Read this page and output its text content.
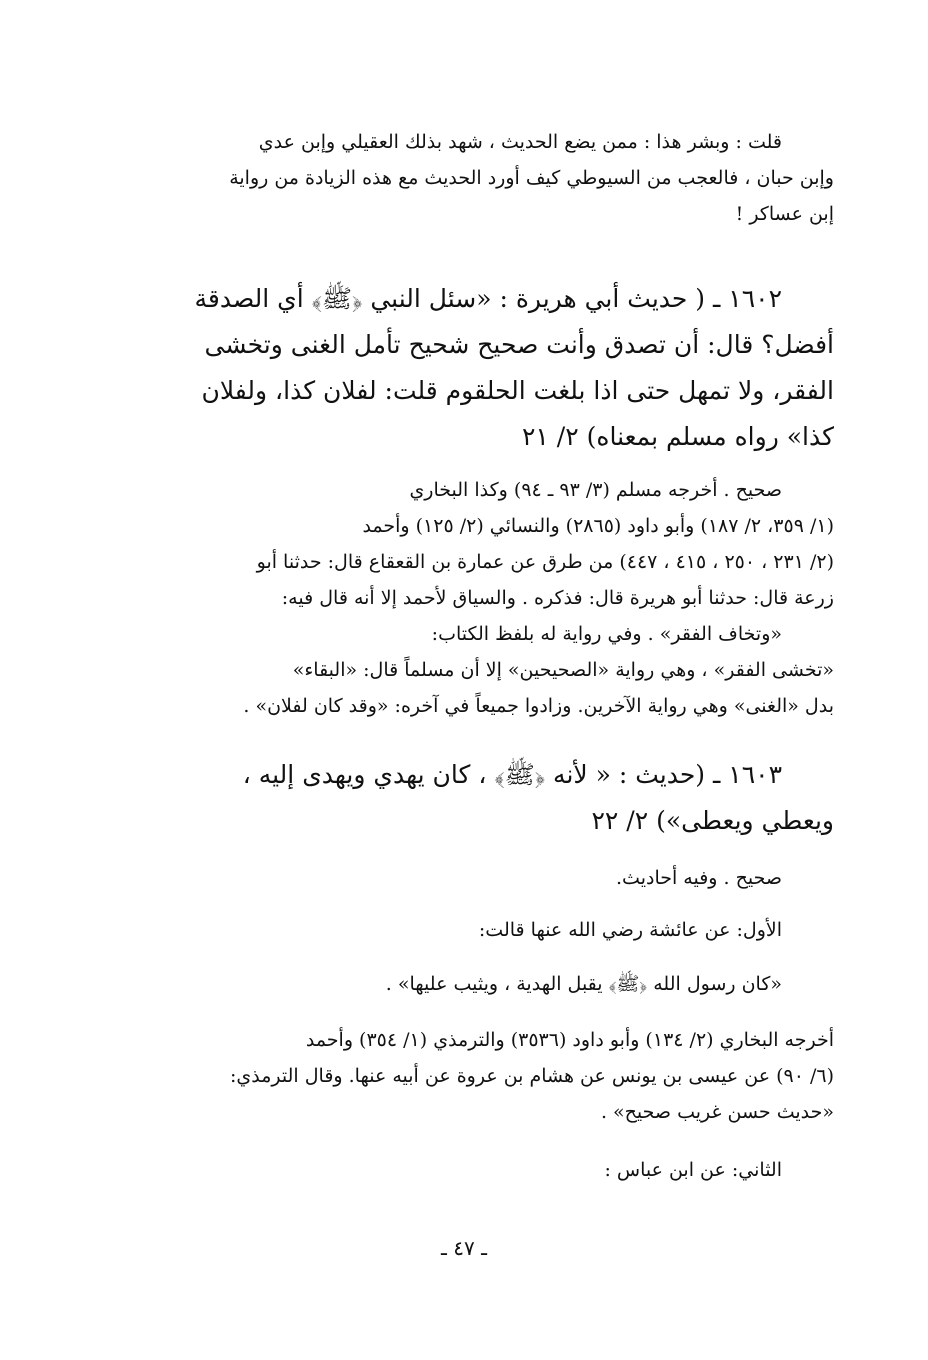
قلت : وبشر هذا : ممن يضع الحديث ، شهد بذلك العقيلي وإبن عدي
وإبن حبان ، فالعجب من السيوطي كيف أورد الحديث مع هذه الزيادة من رواية
إبن عساكر !
١٦٠٢ ـ ( حديث أبي هريرة : «سئل النبي ﴿ﷺ﴾ أي الصدقة
أفضل؟ قال: أن تصدق وأنت صحيح شحيح تأمل الغنى وتخشى
الفقر، ولا تمهل حتى اذا بلغت الحلقوم قلت: لفلان كذا، ولفلان
كذا» رواه مسلم بمعناه) ٢/ ٢١
صحيح . أخرجه مسلم (٣/ ٩٣ ـ ٩٤) وكذا البخاري
(١/ ٣٥٩، ٢/ ١٨٧) وأبو داود (٢٨٦٥) والنسائي (٢/ ١٢٥) وأحمد
(٢/ ٢٣١ ، ٢٥٠ ، ٤١٥ ، ٤٤٧) من طرق عن عمارة بن القعقاع قال: حدثنا أبو
زرعة قال: حدثنا أبو هريرة قال: فذكره . والسياق لأحمد إلا أنه قال فيه:
«وتخاف الفقر» . وفي رواية له بلفظ الكتاب:
«تخشى الفقر» ، وهي رواية «الصحيحين» إلا أن مسلماً قال: «البقاء»
بدل «الغنى» وهي رواية الآخرين. وزادوا جميعاً في آخره: «وقد كان لفلان» .
١٦٠٣ ـ (حديث : « لأنه ﴿ﷺ﴾ ، كان يهدي ويهدى إليه ،
ويعطي ويعطى») ٢/ ٢٢
صحيح . وفيه أحاديث.
الأول: عن عائشة رضي الله عنها قالت:
«كان رسول الله ﴿ﷺ﴾ يقبل الهدية ، ويثيب عليها» .
أخرجه البخاري (٢/ ١٣٤) وأبو داود (٣٥٣٦) والترمذي (١/ ٣٥٤) وأحمد
(٦/ ٩٠) عن عيسى بن يونس عن هشام بن عروة عن أبيه عنها. وقال الترمذي:
«حديث حسن غريب صحيح» .
الثاني: عن ابن عباس :
ـ ٤٧ ـ
